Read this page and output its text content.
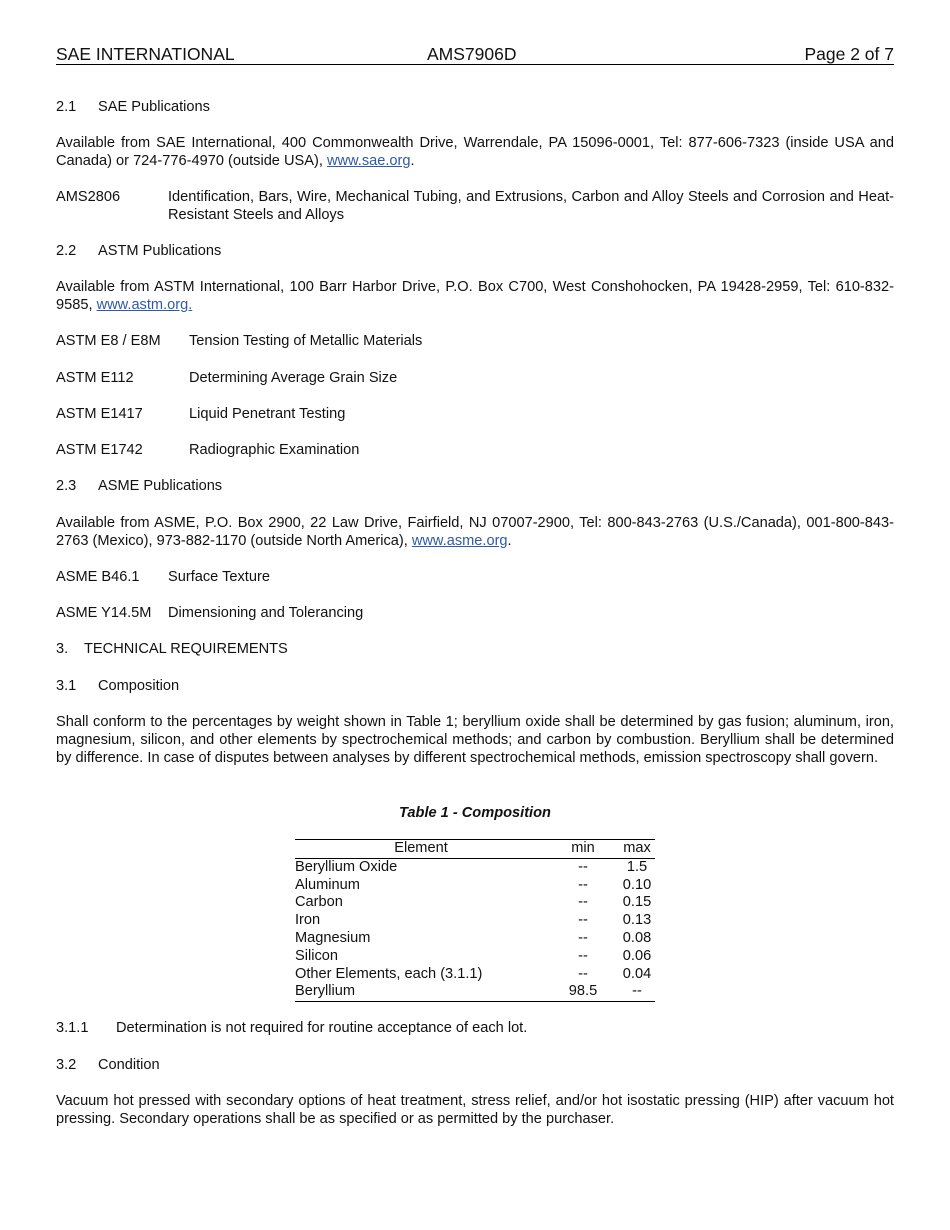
SAE INTERNATIONAL	AMS7906D	Page 2 of 7
2.1 SAE Publications
Available from SAE International, 400 Commonwealth Drive, Warrendale, PA 15096-0001, Tel: 877-606-7323 (inside USA and Canada) or 724-776-4970 (outside USA), www.sae.org.
AMS2806	Identification, Bars, Wire, Mechanical Tubing, and Extrusions, Carbon and Alloy Steels and Corrosion and Heat-Resistant Steels and Alloys
2.2 ASTM Publications
Available from ASTM International, 100 Barr Harbor Drive, P.O. Box C700, West Conshohocken, PA 19428-2959, Tel: 610-832-9585, www.astm.org.
ASTM E8 / E8M Tension Testing of Metallic Materials
ASTM E112	Determining Average Grain Size
ASTM E1417	Liquid Penetrant Testing
ASTM E1742	Radiographic Examination
2.3 ASME Publications
Available from ASME, P.O. Box 2900, 22 Law Drive, Fairfield, NJ 07007-2900, Tel: 800-843-2763 (U.S./Canada), 001-800-843-2763 (Mexico), 973-882-1170 (outside North America), www.asme.org.
ASME B46.1 Surface Texture
ASME Y14.5M Dimensioning and Tolerancing
3. TECHNICAL REQUIREMENTS
3.1 Composition
Shall conform to the percentages by weight shown in Table 1; beryllium oxide shall be determined by gas fusion; aluminum, iron, magnesium, silicon, and other elements by spectrochemical methods; and carbon by combustion. Beryllium shall be determined by difference. In case of disputes between analyses by different spectrochemical methods, emission spectroscopy shall govern.
Table 1 - Composition
Element	min	max
Beryllium Oxide	--	1.5
Aluminum	--	0.10
Carbon	--	0.15
Iron	--	0.13
Magnesium	--	0.08
Silicon	--	0.06
Other Elements, each (3.1.1)	--	0.04
Beryllium	98.5	--
3.1.1 Determination is not required for routine acceptance of each lot.
3.2 Condition
Vacuum hot pressed with secondary options of heat treatment, stress relief, and/or hot isostatic pressing (HIP) after vacuum hot pressing. Secondary operations shall be as specified or as permitted by the purchaser.
